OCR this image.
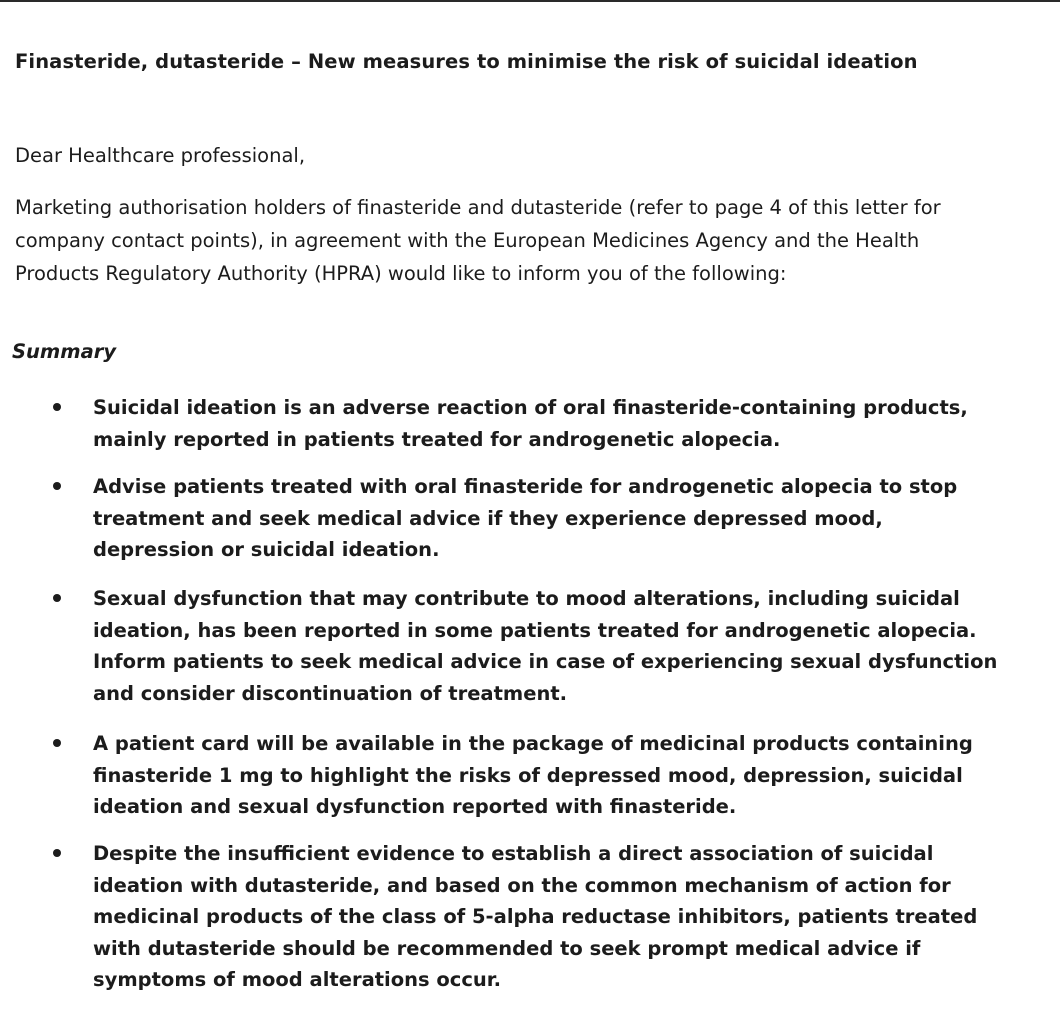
Finasteride, dutasteride – New measures to minimise the risk of suicidal ideation
Dear Healthcare professional,
Marketing authorisation holders of finasteride and dutasteride (refer to page 4 of this letter for
company contact points), in agreement with the European Medicines Agency and the Health
Products Regulatory Authority (HPRA) would like to inform you of the following:
Summary
Suicidal ideation is an adverse reaction of oral finasteride-containing products,
mainly reported in patients treated for androgenetic alopecia.
Advise patients treated with oral finasteride for androgenetic alopecia to stop
treatment and seek medical advice if they experience depressed mood,
depression or suicidal ideation.
Sexual dysfunction that may contribute to mood alterations, including suicidal
ideation, has been reported in some patients treated for androgenetic alopecia.
Inform patients to seek medical advice in case of experiencing sexual dysfunction
and consider discontinuation of treatment.
A patient card will be available in the package of medicinal products containing
finasteride 1 mg to highlight the risks of depressed mood, depression, suicidal
ideation and sexual dysfunction reported with finasteride.
Despite the insufficient evidence to establish a direct association of suicidal
ideation with dutasteride, and based on the common mechanism of action for
medicinal products of the class of 5-alpha reductase inhibitors, patients treated
with dutasteride should be recommended to seek prompt medical advice if
symptoms of mood alterations occur.
